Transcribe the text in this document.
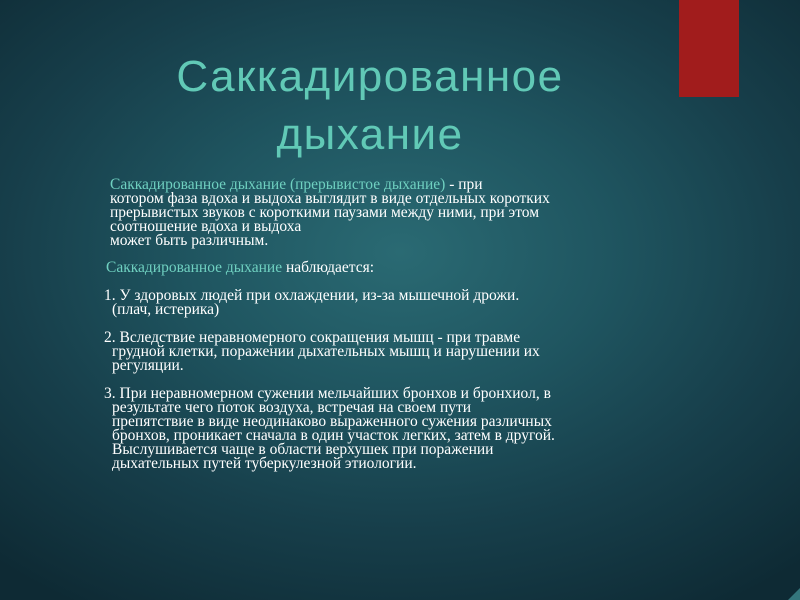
Саккадированное дыхание
Саккадированное дыхание (прерывистое дыхание) - при
котором фаза вдоха и выдоха выглядит в виде отдельных коротких
прерывистых звуков с короткими паузами между ними, при этом
соотношение вдоха и выдоха
может быть различным.
Саккадированное дыхание наблюдается:
1. У здоровых людей при охлаждении, из-за мышечной дрожи.
(плач, истерика)
2. Вследствие неравномерного сокращения мышц - при травме
грудной клетки, поражении дыхательных мышц и нарушении их
регуляции.
3. При неравномерном сужении мельчайших бронхов и бронхиол, в
результате чего поток воздуха, встречая на своем пути
препятствие в виде неодинаково выраженного сужения различных
бронхов, проникает сначала в один участок легких, затем в другой.
Выслушивается чаще в области верхушек при поражении
дыхательных путей туберкулезной этиологии.
